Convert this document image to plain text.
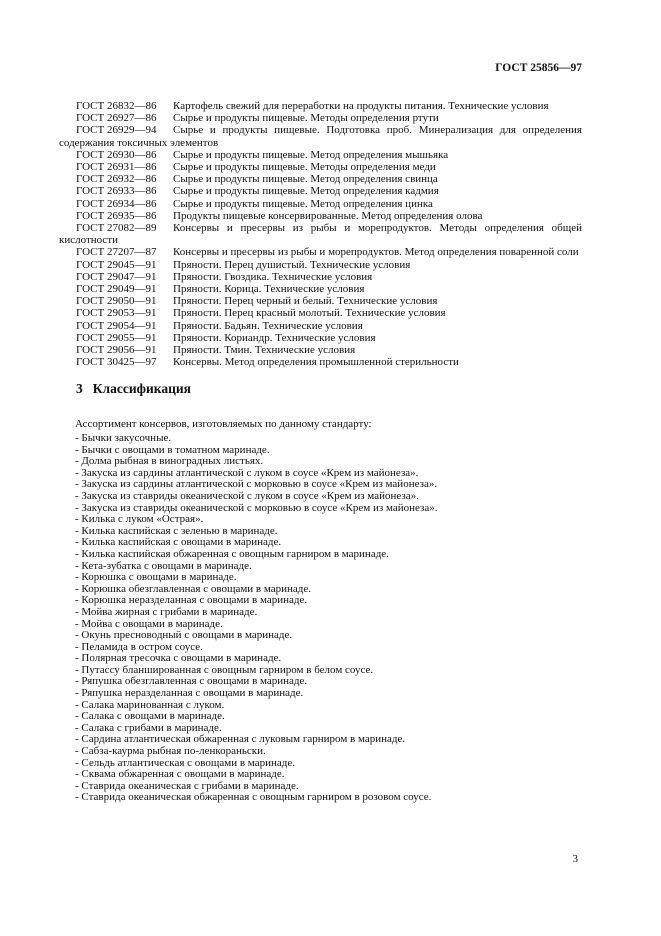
ГОСТ 25856—97
ГОСТ 26832—86 Картофель свежий для переработки на продукты питания. Технические условия
ГОСТ 26927—86 Сырье и продукты пищевые. Методы определения ртути
ГОСТ 26929—94 Сырье и продукты пищевые. Подготовка проб. Минерализация для определения содержания токсичных элементов
ГОСТ 26930—86 Сырье и продукты пищевые. Метод определения мышьяка
ГОСТ 26931—86 Сырье и продукты пищевые. Методы определения меди
ГОСТ 26932—86 Сырье и продукты пищевые. Метод определения свинца
ГОСТ 26933—86 Сырье и продукты пищевые. Метод определения кадмия
ГОСТ 26934—86 Сырье и продукты пищевые. Метод определения цинка
ГОСТ 26935—86 Продукты пищевые консервированные. Метод определения олова
ГОСТ 27082—89 Консервы и пресервы из рыбы и морепродуктов. Методы определения общей кислотности
ГОСТ 27207—87 Консервы и пресервы из рыбы и морепродуктов. Метод определения поваренной соли
ГОСТ 29045—91 Пряности. Перец душистый. Технические условия
ГОСТ 29047—91 Пряности. Гвоздика. Технические условия
ГОСТ 29049—91 Пряности. Корица. Технические условия
ГОСТ 29050—91 Пряности. Перец черный и белый. Технические условия
ГОСТ 29053—91 Пряности. Перец красный молотый. Технические условия
ГОСТ 29054—91 Пряности. Бадьян. Технические условия
ГОСТ 29055—91 Пряности. Кориандр. Технические условия
ГОСТ 29056—91 Пряности. Тмин. Технические условия
ГОСТ 30425—97 Консервы. Метод определения промышленной стерильности
3 Классификация
Ассортимент консервов, изготовляемых по данному стандарту:
- Бычки закусочные.
- Бычки с овощами в томатном маринаде.
- Долма рыбная в виноградных листьях.
- Закуска из сардины атлантической с луком в соусе «Крем из майонеза».
- Закуска из сардины атлантической с морковью в соусе «Крем из майонеза».
- Закуска из ставриды океанической с луком в соусе «Крем из майонеза».
- Закуска из ставриды океанической с морковью в соусе «Крем из майонеза».
- Килька с луком «Острая».
- Килька каспийская с зеленью в маринаде.
- Килька каспийская с овощами в маринаде.
- Килька каспийская обжаренная с овощным гарниром в маринаде.
- Кета-зубатка с овощами в маринаде.
- Корюшка с овощами в маринаде.
- Корюшка обезглавленная с овощами в маринаде.
- Корюшка неразделанная с овощами в маринаде.
- Мойва жирная с грибами в маринаде.
- Мойва с овощами в маринаде.
- Окунь пресноводный с овощами в маринаде.
- Пеламида в остром соусе.
- Полярная тресочка с овощами в маринаде.
- Путассу бланшированная с овощным гарниром в белом соусе.
- Ряпушка обезглавленная с овощами в маринаде.
- Ряпушка неразделанная с овощами в маринаде.
- Салака маринованная с луком.
- Салака с овощами в маринаде.
- Салака с грибами в маринаде.
- Сардина атлантическая обжаренная с луковым гарниром в маринаде.
- Сабза-каурма рыбная по-ленкораньски.
- Сельдь атлантическая с овощами в маринаде.
- Сквама обжаренная с овощами в маринаде.
- Ставрида океаническая с грибами в маринаде.
- Ставрида океаническая обжаренная с овощным гарниром в розовом соусе.
3
